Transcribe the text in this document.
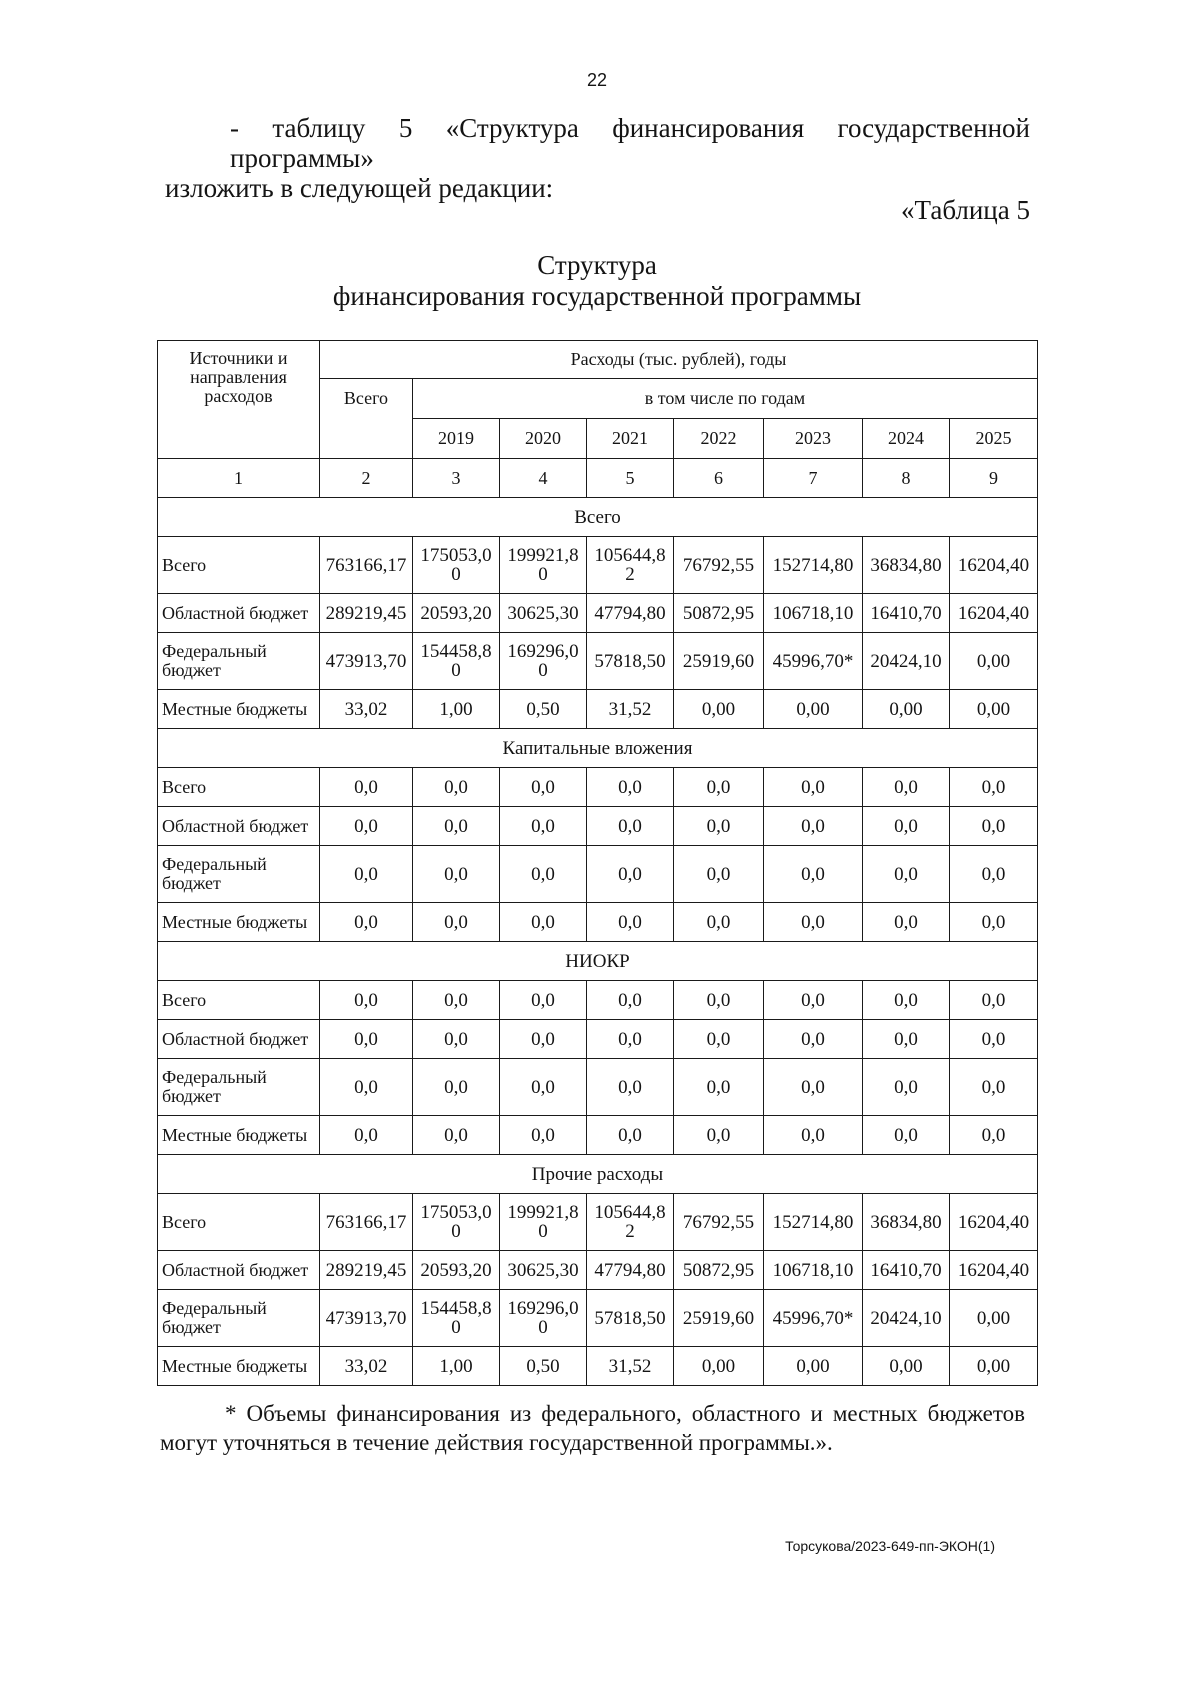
22

- таблицу 5 «Структура финансирования государственной программы»
изложить в следующей редакции:

«Таблица 5
Структура
финансирования государственной программы
Источники и направления расходов	Расходы (тыс. рублей), годы							
	Всего	в том числе по годам						
		2019	2020	2021	2022	2023	2024	2025
1	2	3	4	5	6	7	8	9
Всего								
Всего	763166,17	175053,00	199921,80	105644,82	76792,55	152714,80	36834,80	16204,40
Областной бюджет	289219,45	20593,20	30625,30	47794,80	50872,95	106718,10	16410,70	16204,40
Федеральный бюджет	473913,70	154458,80	169296,00	57818,50	25919,60	45996,70*	20424,10	0,00
Местные бюджеты	33,02	1,00	0,50	31,52	0,00	0,00	0,00	0,00
Капитальные вложения								
Всего	0,0	0,0	0,0	0,0	0,0	0,0	0,0	0,0
Областной бюджет	0,0	0,0	0,0	0,0	0,0	0,0	0,0	0,0
Федеральный бюджет	0,0	0,0	0,0	0,0	0,0	0,0	0,0	0,0
Местные бюджеты	0,0	0,0	0,0	0,0	0,0	0,0	0,0	0,0
НИОКР								
Всего	0,0	0,0	0,0	0,0	0,0	0,0	0,0	0,0
Областной бюджет	0,0	0,0	0,0	0,0	0,0	0,0	0,0	0,0
Федеральный бюджет	0,0	0,0	0,0	0,0	0,0	0,0	0,0	0,0
Местные бюджеты	0,0	0,0	0,0	0,0	0,0	0,0	0,0	0,0
Прочие расходы								
Всего	763166,17	175053,00	199921,80	105644,82	76792,55	152714,80	36834,80	16204,40
Областной бюджет	289219,45	20593,20	30625,30	47794,80	50872,95	106718,10	16410,70	16204,40
Федеральный бюджет	473913,70	154458,80	169296,00	57818,50	25919,60	45996,70*	20424,10	0,00
Местные бюджеты	33,02	1,00	0,50	31,52	0,00	0,00	0,00	0,00

* Объемы финансирования из федерального, областного и местных бюджетов
могут уточняться в течение действия государственной программы.».

Торсукова/2023-649-пп-ЭКОН(1)
